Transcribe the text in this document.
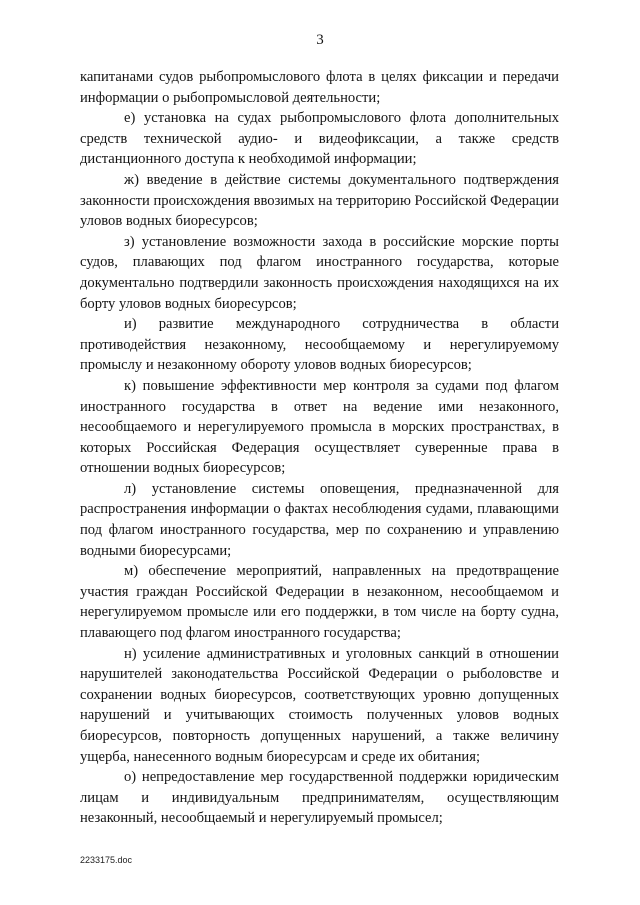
3

капитанами судов рыбопромыслового флота в целях фиксации и передачи информации о рыбопромысловой деятельности;

е) установка на судах рыбопромыслового флота дополнительных средств технической аудио- и видеофиксации, а также средств дистанционного доступа к необходимой информации;

ж) введение в действие системы документального подтверждения законности происхождения ввозимых на территорию Российской Федерации уловов водных биоресурсов;

з) установление возможности захода в российские морские порты судов, плавающих под флагом иностранного государства, которые документально подтвердили законность происхождения находящихся на их борту уловов водных биоресурсов;

и) развитие международного сотрудничества в области противодействия незаконному, несообщаемому и нерегулируемому промыслу и незаконному обороту уловов водных биоресурсов;

к) повышение эффективности мер контроля за судами под флагом иностранного государства в ответ на ведение ими незаконного, несообщаемого и нерегулируемого промысла в морских пространствах, в которых Российская Федерация осуществляет суверенные права в отношении водных биоресурсов;

л) установление системы оповещения, предназначенной для распространения информации о фактах несоблюдения судами, плавающими под флагом иностранного государства, мер по сохранению и управлению водными биоресурсами;

м) обеспечение мероприятий, направленных на предотвращение участия граждан Российской Федерации в незаконном, несообщаемом и нерегулируемом промысле или его поддержки, в том числе на борту судна, плавающего под флагом иностранного государства;

н) усиление административных и уголовных санкций в отношении нарушителей законодательства Российской Федерации о рыболовстве и сохранении водных биоресурсов, соответствующих уровню допущенных нарушений и учитывающих стоимость полученных уловов водных биоресурсов, повторность допущенных нарушений, а также величину ущерба, нанесенного водным биоресурсам и среде их обитания;

о) непредоставление мер государственной поддержки юридическим лицам и индивидуальным предпринимателям, осуществляющим незаконный, несообщаемый и нерегулируемый промысел;

2233175.doc
